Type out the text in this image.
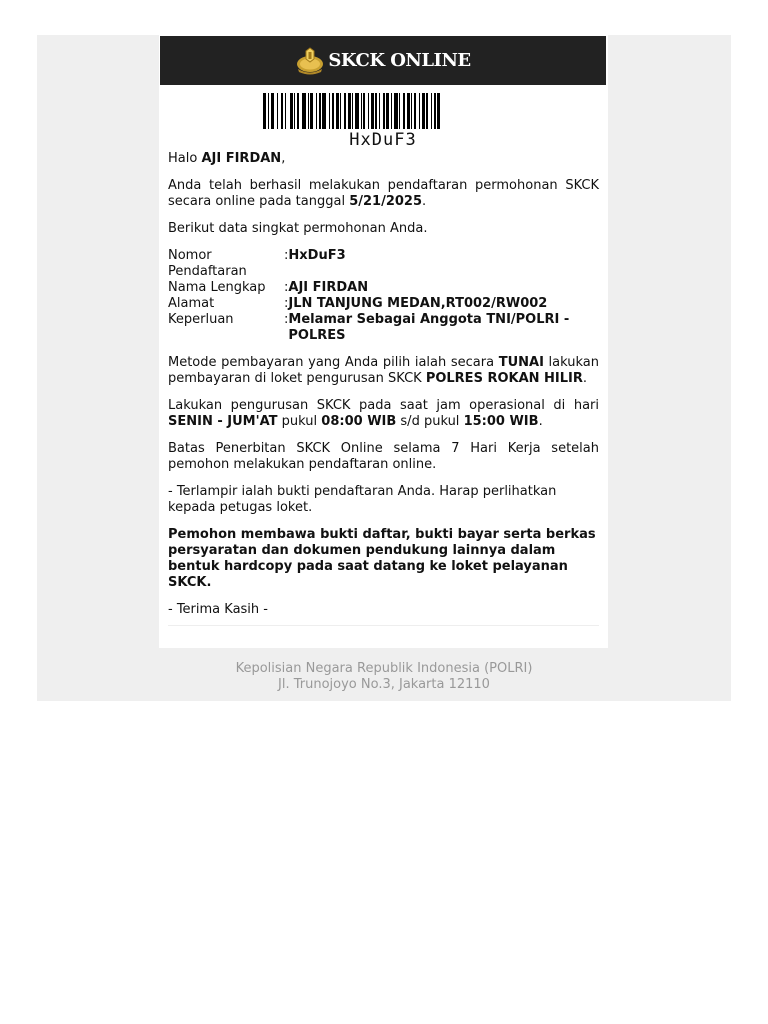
SKCK ONLINE
HxDuF3

Halo AJI FIRDAN,

Anda telah berhasil melakukan pendaftaran permohonan SKCK secara online pada tanggal 5/21/2025.

Berikut data singkat permohonan Anda.

Nomor Pendaftaran	:	HxDuF3
Nama Lengkap	:	AJI FIRDAN
Alamat	:	JLN TANJUNG MEDAN,RT002/RW002
Keperluan	:	Melamar Sebagai Anggota TNI/POLRI - POLRES

Metode pembayaran yang Anda pilih ialah secara TUNAI lakukan pembayaran di loket pengurusan SKCK POLRES ROKAN HILIR.

Lakukan pengurusan SKCK pada saat jam operasional di hari SENIN - JUM'AT pukul 08:00 WIB s/d pukul 15:00 WIB.

Batas Penerbitan SKCK Online selama 7 Hari Kerja setelah pemohon melakukan pendaftaran online.

- Terlampir ialah bukti pendaftaran Anda. Harap perlihatkan kepada petugas loket.

Pemohon membawa bukti daftar, bukti bayar serta berkas persyaratan dan dokumen pendukung lainnya dalam bentuk hardcopy pada saat datang ke loket pelayanan SKCK.

- Terima Kasih -

Kepolisian Negara Republik Indonesia (POLRI)
Jl. Trunojoyo No.3, Jakarta 12110
